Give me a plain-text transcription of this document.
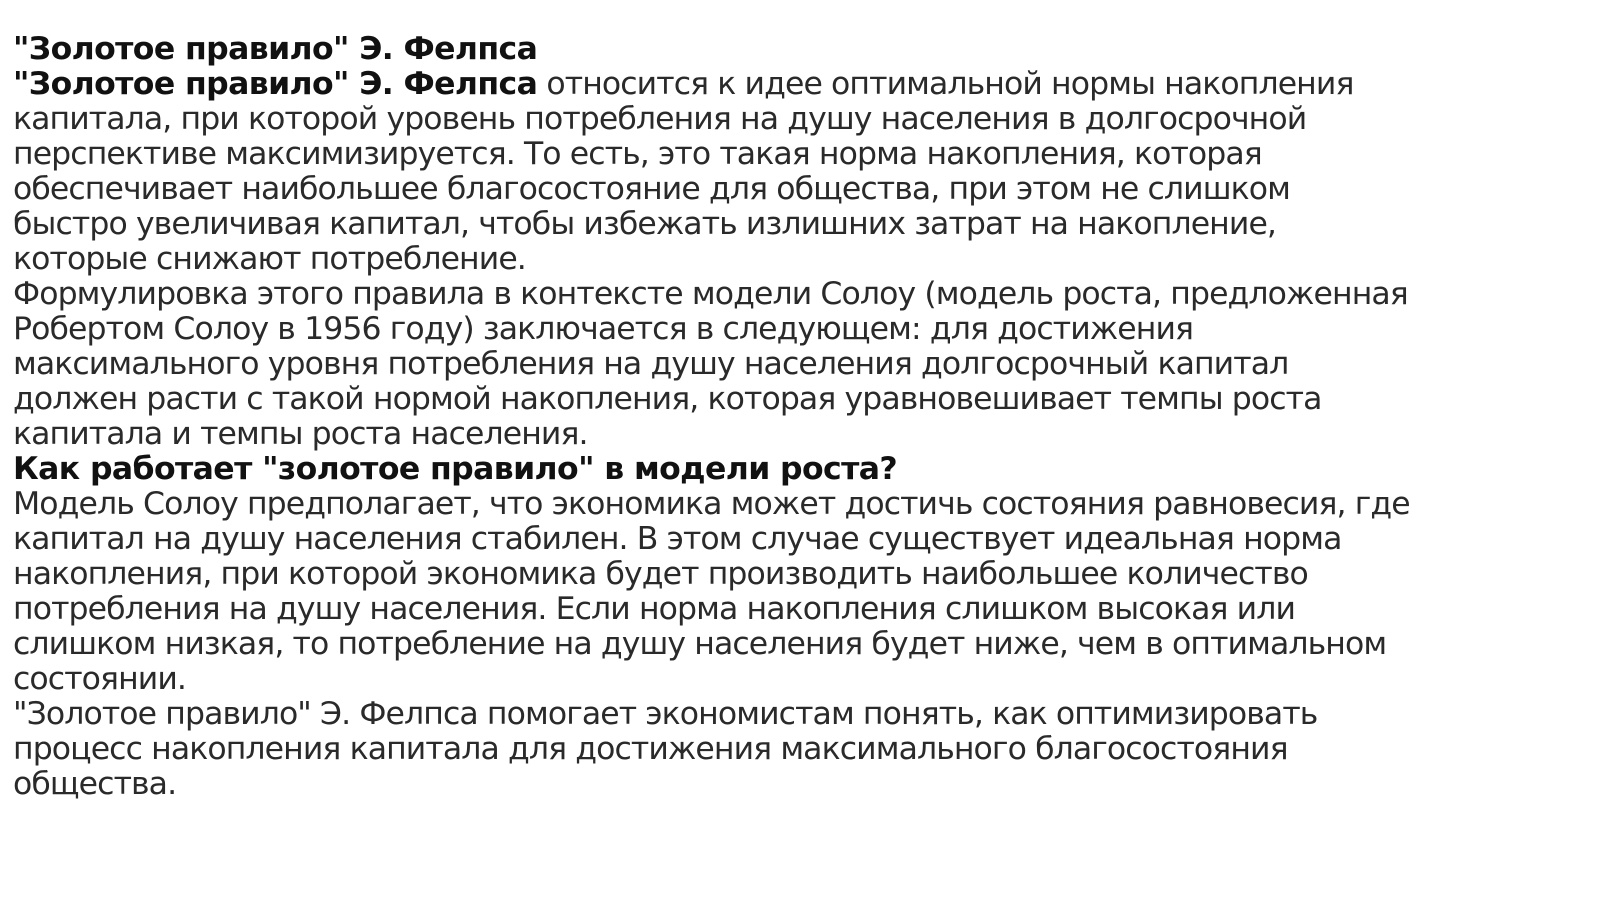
"Золотое правило" Э. Фелпса
"Золотое правило" Э. Фелпса относится к идее оптимальной нормы накопления
капитала, при которой уровень потребления на душу населения в долгосрочной
перспективе максимизируется. То есть, это такая норма накопления, которая
обеспечивает наибольшее благосостояние для общества, при этом не слишком
быстро увеличивая капитал, чтобы избежать излишних затрат на накопление,
которые снижают потребление.
Формулировка этого правила в контексте модели Солоу (модель роста, предложенная
Робертом Солоу в 1956 году) заключается в следующем: для достижения
максимального уровня потребления на душу населения долгосрочный капитал
должен расти с такой нормой накопления, которая уравновешивает темпы роста
капитала и темпы роста населения.
Как работает "золотое правило" в модели роста?
Модель Солоу предполагает, что экономика может достичь состояния равновесия, где
капитал на душу населения стабилен. В этом случае существует идеальная норма
накопления, при которой экономика будет производить наибольшее количество
потребления на душу населения. Если норма накопления слишком высокая или
слишком низкая, то потребление на душу населения будет ниже, чем в оптимальном
состоянии.
"Золотое правило" Э. Фелпса помогает экономистам понять, как оптимизировать
процесс накопления капитала для достижения максимального благосостояния
общества.
